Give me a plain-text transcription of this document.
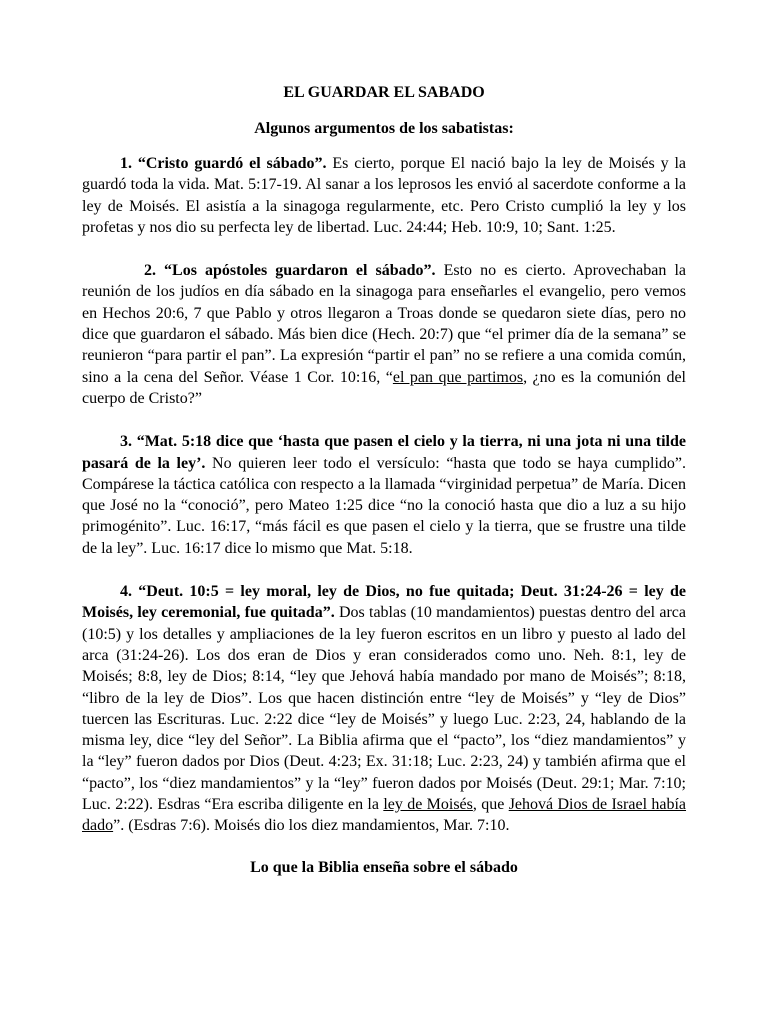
EL GUARDAR EL SABADO

Algunos argumentos de los sabatistas:

1. “Cristo guardó el sábado”. Es cierto, porque El nació bajo la ley de Moisés y la guardó toda la vida. Mat. 5:17-19. Al sanar a los leprosos les envió al sacerdote conforme a la ley de Moisés. El asistía a la sinagoga regularmente, etc. Pero Cristo cumplió la ley y los profetas y nos dio su perfecta ley de libertad. Luc. 24:44; Heb. 10:9, 10; Sant. 1:25.

2. “Los apóstoles guardaron el sábado”. Esto no es cierto. Aprovechaban la reunión de los judíos en día sábado en la sinagoga para enseñarles el evangelio, pero vemos en Hechos 20:6, 7 que Pablo y otros llegaron a Troas donde se quedaron siete días, pero no dice que guardaron el sábado. Más bien dice (Hech. 20:7) que “el primer día de la semana” se reunieron “para partir el pan”. La expresión “partir el pan” no se refiere a una comida común, sino a la cena del Señor. Véase 1 Cor. 10:16, “el pan que partimos, ¿no es la comunión del cuerpo de Cristo?”

3. “Mat. 5:18 dice que ‘hasta que pasen el cielo y la tierra, ni una jota ni una tilde pasará de la ley’. No quieren leer todo el versículo: “hasta que todo se haya cumplido”. Compárese la táctica católica con respecto a la llamada “virginidad perpetua” de María. Dicen que José no la “conoció”, pero Mateo 1:25 dice “no la conoció hasta que dio a luz a su hijo primogénito”. Luc. 16:17, “más fácil es que pasen el cielo y la tierra, que se frustre una tilde de la ley”. Luc. 16:17 dice lo mismo que Mat. 5:18.

4. “Deut. 10:5 = ley moral, ley de Dios, no fue quitada; Deut. 31:24-26 = ley de Moisés, ley ceremonial, fue quitada”. Dos tablas (10 mandamientos) puestas dentro del arca (10:5) y los detalles y ampliaciones de la ley fueron escritos en un libro y puesto al lado del arca (31:24-26). Los dos eran de Dios y eran considerados como uno. Neh. 8:1, ley de Moisés; 8:8, ley de Dios; 8:14, “ley que Jehová había mandado por mano de Moisés”; 8:18, “libro de la ley de Dios”. Los que hacen distinción entre “ley de Moisés” y “ley de Dios” tuercen las Escrituras. Luc. 2:22 dice “ley de Moisés” y luego Luc. 2:23, 24, hablando de la misma ley, dice “ley del Señor”. La Biblia afirma que el “pacto”, los “diez mandamientos” y la “ley” fueron dados por Dios (Deut. 4:23; Ex. 31:18; Luc. 2:23, 24) y también afirma que el “pacto”, los “diez mandamientos” y la “ley” fueron dados por Moisés (Deut. 29:1; Mar. 7:10; Luc. 2:22). Esdras “Era escriba diligente en la ley de Moisés, que Jehová Dios de Israel había dado”. (Esdras 7:6). Moisés dio los diez mandamientos, Mar. 7:10.

Lo que la Biblia enseña sobre el sábado
